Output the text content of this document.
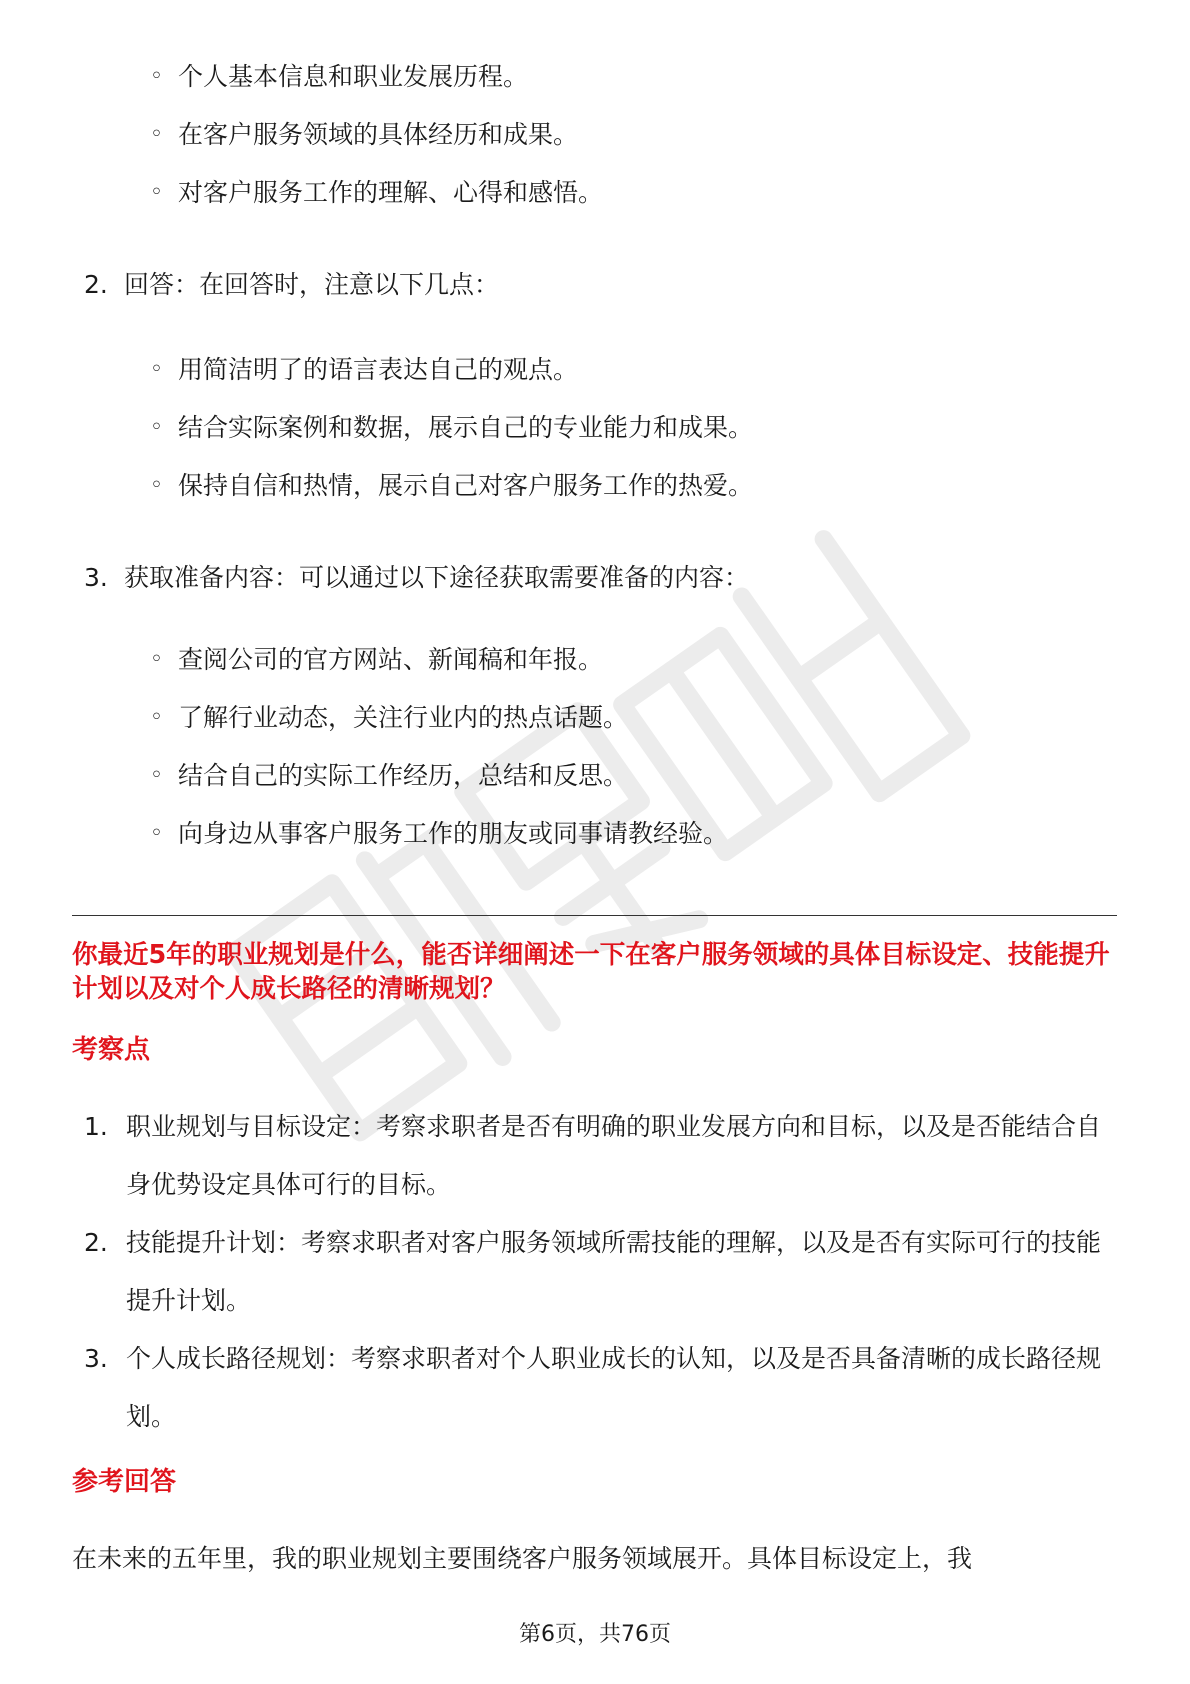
◦ 个人基本信息和职业发展历程。
◦ 在客户服务领域的具体经历和成果。
◦ 对客户服务工作的理解、心得和感悟。
2. 回答：在回答时，注意以下几点：
◦ 用简洁明了的语言表达自己的观点。
◦ 结合实际案例和数据，展示自己的专业能力和成果。
◦ 保持自信和热情，展示自己对客户服务工作的热爱。
3. 获取准备内容：可以通过以下途径获取需要准备的内容：
◦ 查阅公司的官方网站、新闻稿和年报。
◦ 了解行业动态，关注行业内的热点话题。
◦ 结合自己的实际工作经历，总结和反思。
◦ 向身边从事客户服务工作的朋友或同事请教经验。
你最近5年的职业规划是什么，能否详细阐述一下在客户服务领域的具体目标设定、技能提升计划以及对个人成长路径的清晰规划？
考察点
1. 职业规划与目标设定：考察求职者是否有明确的职业发展方向和目标，以及是否能结合自身优势设定具体可行的目标。
2. 技能提升计划：考察求职者对客户服务领域所需技能的理解，以及是否有实际可行的技能提升计划。
3. 个人成长路径规划：考察求职者对个人职业成长的认知，以及是否具备清晰的成长路径规划。
参考回答

在未来的五年里，我的职业规划主要围绕客户服务领域展开。具体目标设定上，我

第6页，共76页
